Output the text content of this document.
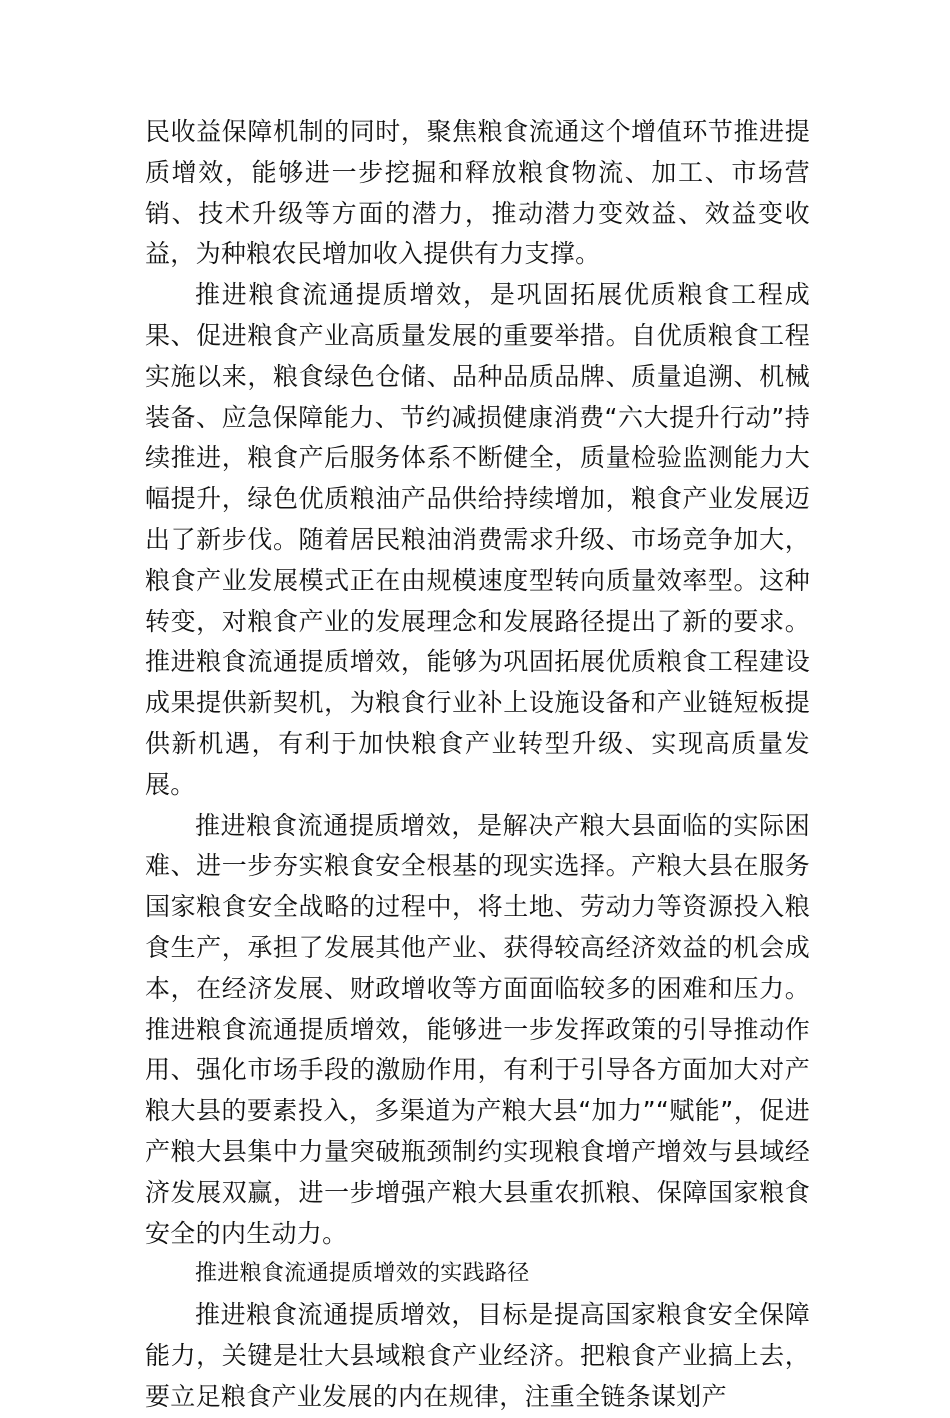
民收益保障机制的同时，聚焦粮食流通这个增值环节推进提质增效，能够进一步挖掘和释放粮食物流、加工、市场营销、技术升级等方面的潜力，推动潜力变效益、效益变收益，为种粮农民增加收入提供有力支撑。

推进粮食流通提质增效，是巩固拓展优质粮食工程成果、促进粮食产业高质量发展的重要举措。自优质粮食工程实施以来，粮食绿色仓储、品种品质品牌、质量追溯、机械装备、应急保障能力、节约减损健康消费“六大提升行动”持续推进，粮食产后服务体系不断健全，质量检验监测能力大幅提升，绿色优质粮油产品供给持续增加，粮食产业发展迈出了新步伐。随着居民粮油消费需求升级、市场竞争加大，粮食产业发展模式正在由规模速度型转向质量效率型。这种转变，对粮食产业的发展理念和发展路径提出了新的要求。推进粮食流通提质增效，能够为巩固拓展优质粮食工程建设成果提供新契机，为粮食行业补上设施设备和产业链短板提供新机遇，有利于加快粮食产业转型升级、实现高质量发展。

推进粮食流通提质增效，是解决产粮大县面临的实际困难、进一步夯实粮食安全根基的现实选择。产粮大县在服务国家粮食安全战略的过程中，将土地、劳动力等资源投入粮食生产，承担了发展其他产业、获得较高经济效益的机会成本，在经济发展、财政增收等方面面临较多的困难和压力。推进粮食流通提质增效，能够进一步发挥政策的引导推动作用、强化市场手段的激励作用，有利于引导各方面加大对产粮大县的要素投入，多渠道为产粮大县“加力”“赋能”，促进产粮大县集中力量突破瓶颈制约实现粮食增产增效与县域经济发展双赢，进一步增强产粮大县重农抓粮、保障国家粮食安全的内生动力。

推进粮食流通提质增效的实践路径

推进粮食流通提质增效，目标是提高国家粮食安全保障能力，关键是壮大县域粮食产业经济。把粮食产业搞上去，要立足粮食产业发展的内在规律，注重全链条谋划产
